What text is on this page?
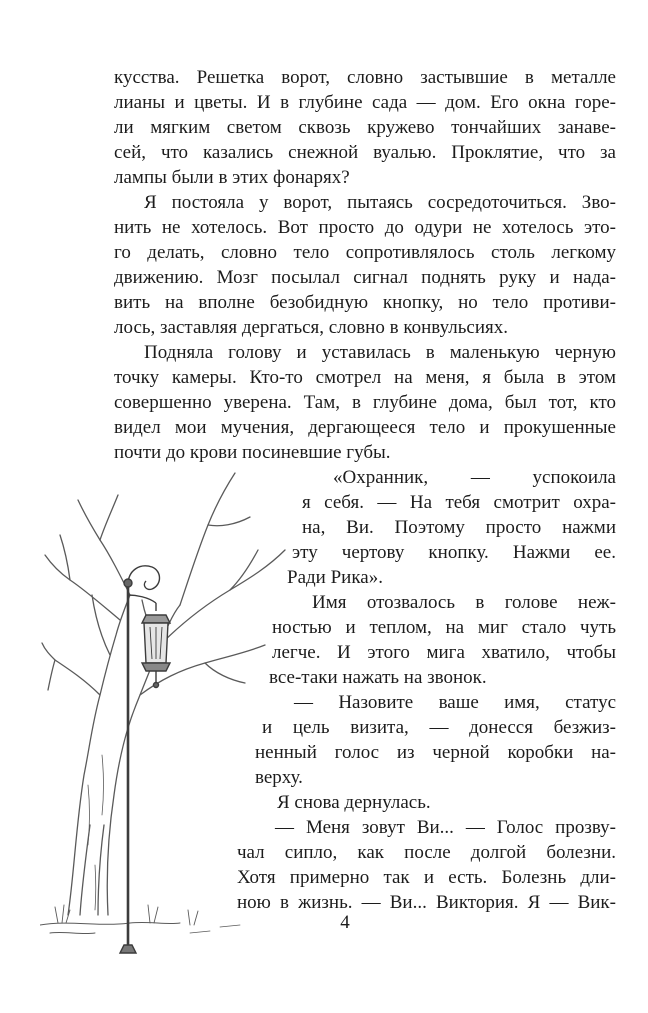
кусства. Решетка ворот, словно застывшие в металле
лианы и цветы. И в глубине сада — дом. Его окна горе-
ли мягким светом сквозь кружево тончайших занаве-
сей, что казались снежной вуалью. Проклятие, что за
лампы были в этих фонарях?
Я постояла у ворот, пытаясь сосредоточиться. Зво-
нить не хотелось. Вот просто до одури не хотелось это-
го делать, словно тело сопротивлялось столь легкому
движению. Мозг посылал сигнал поднять руку и нада-
вить на вполне безобидную кнопку, но тело противи-
лось, заставляя дергаться, словно в конвульсиях.
Подняла голову и уставилась в маленькую черную
точку камеры. Кто-то смотрел на меня, я была в этом
совершенно уверена. Там, в глубине дома, был тот, кто
видел мои мучения, дергающееся тело и прокушенные
почти до крови посиневшие губы.
«Охранник, — успокоила
я себя. — На тебя смотрит охра-
на, Ви. Поэтому просто нажми
эту чертову кнопку. Нажми ее.
Ради Рика».
Имя отозвалось в голове неж-
ностью и теплом, на миг стало чуть
легче. И этого мига хватило, чтобы
все-таки нажать на звонок.
— Назовите ваше имя, статус
и цель визита, — донесся безжиз-
ненный голос из черной коробки на-
верху.
Я снова дернулась.
— Меня зовут Ви... — Голос прозву-
чал сипло, как после долгой болезни.
Хотя примерно так и есть. Болезнь дли-
ною в жизнь. — Ви... Виктория. Я — Вик-
4
